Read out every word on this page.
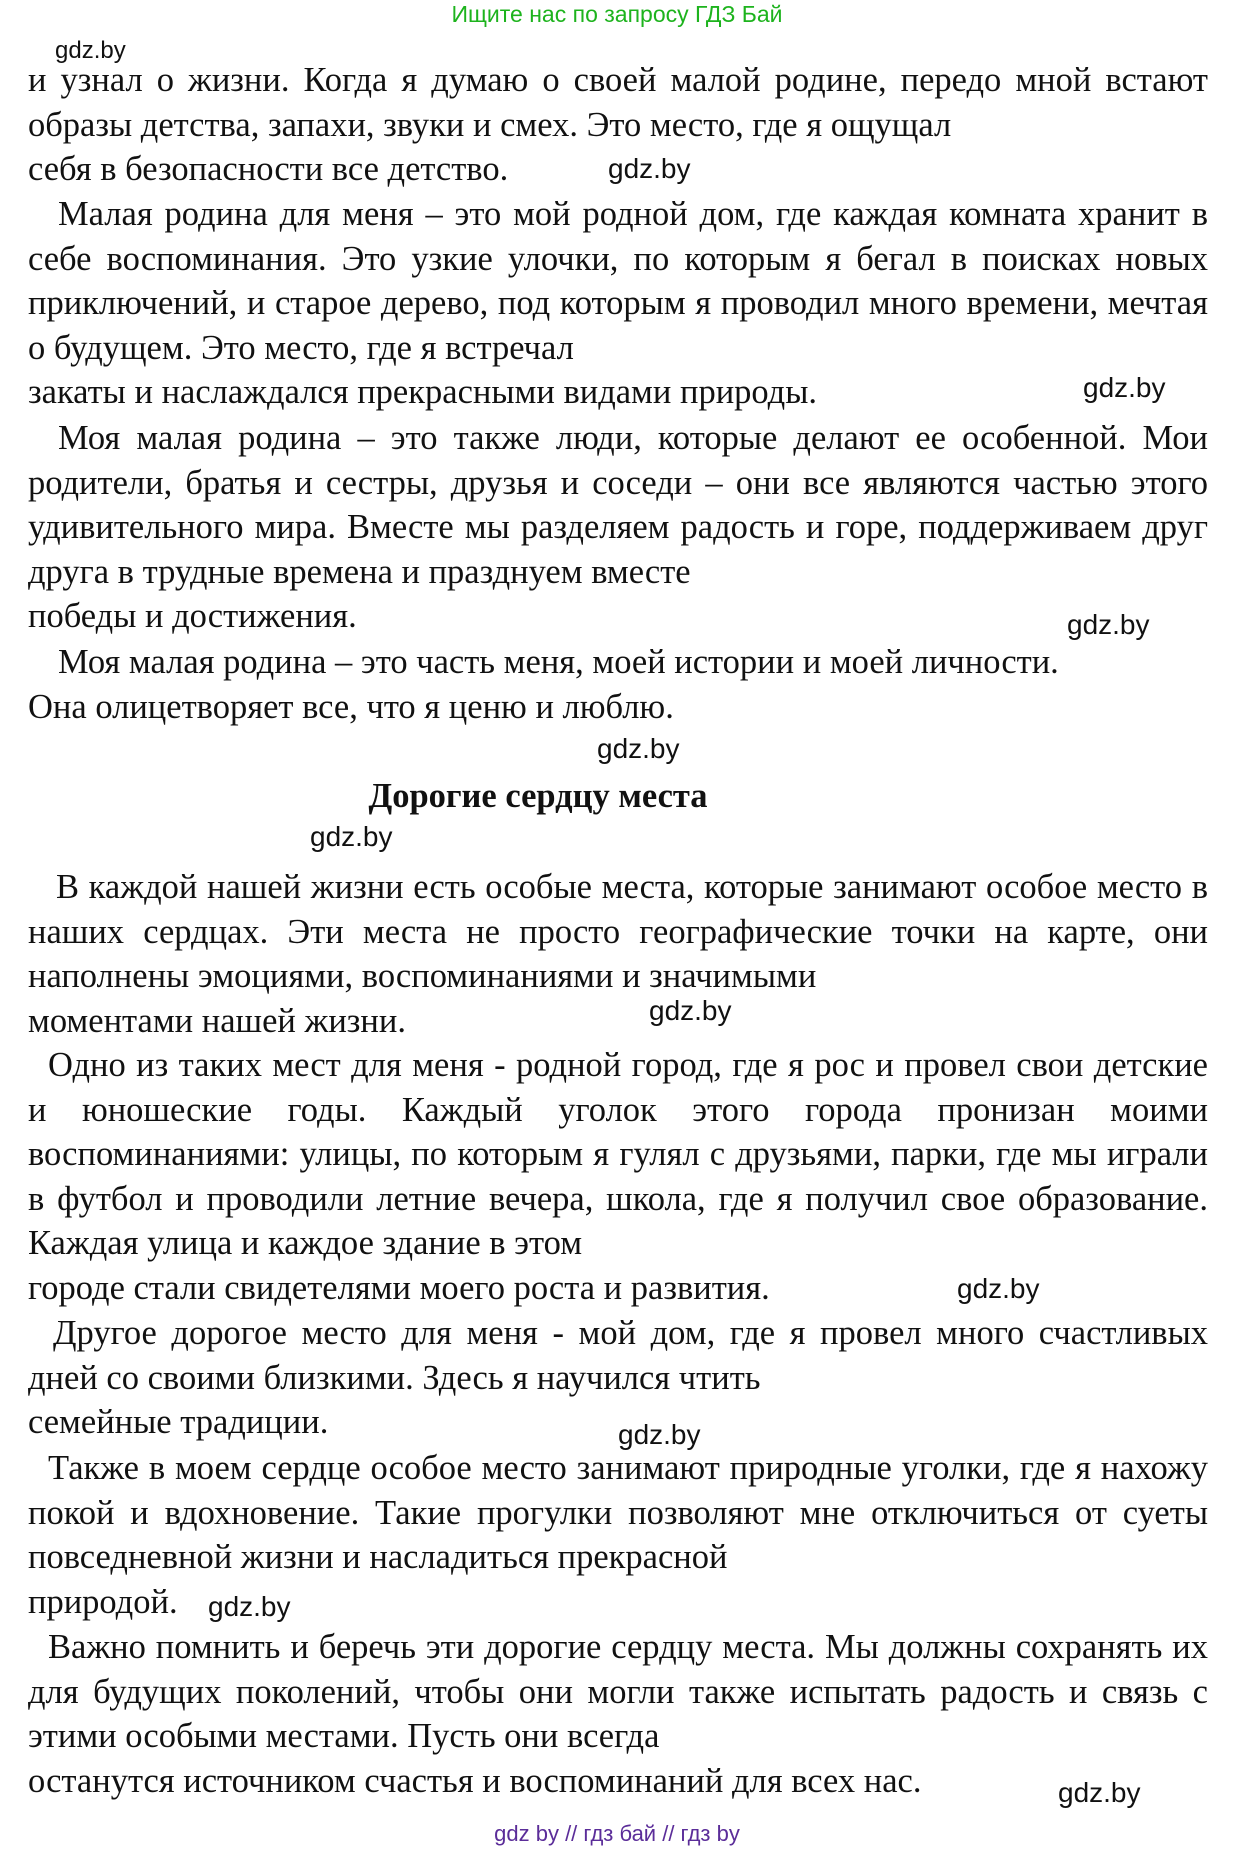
Ищите нас по запросу ГДЗ Бай
gdz.by
и узнал о жизни. Когда я думаю о своей малой родине, передо мной встают образы детства, запахи, звуки и смех. Это место, где я ощущал
себя в безопасности все детство.	gdz.by
Малая родина для меня – это мой родной дом, где каждая комната хранит в себе воспоминания. Это узкие улочки, по которым я бегал в поисках новых приключений, и старое дерево, под которым я проводил много времени, мечтая о будущем. Это место, где я встречал
закаты и наслаждался прекрасными видами природы.	gdz.by
Моя малая родина – это также люди, которые делают ее особенной. Мои родители, братья и сестры, друзья и соседи – они все являются частью этого удивительного мира. Вместе мы разделяем радость и горе, поддерживаем друг друга в трудные времена и празднуем вместе
победы и достижения.	gdz.by
Моя малая родина – это часть меня, моей истории и моей личности.
Она олицетворяет все, что я ценю и люблю.
gdz.by
Дорогие сердцу места
gdz.by
В каждой нашей жизни есть особые места, которые занимают особое место в наших сердцах. Эти места не просто географические точки на карте, они наполнены эмоциями, воспоминаниями и значимыми
моментами нашей жизни.	gdz.by
Одно из таких мест для меня - родной город, где я рос и провел свои детские и юношеские годы. Каждый уголок этого города пронизан моими воспоминаниями: улицы, по которым я гулял с друзьями, парки, где мы играли в футбол и проводили летние вечера, школа, где я получил свое образование. Каждая улица и каждое здание в этом
городе стали свидетелями моего роста и развития.	gdz.by
Другое дорогое место для меня - мой дом, где я провел много счастливых дней со своими близкими. Здесь я научился чтить
семейные традиции.	gdz.by
Также в моем сердце особое место занимают природные уголки, где я нахожу покой и вдохновение. Такие прогулки позволяют мне отключиться от суеты повседневной жизни и насладиться прекрасной
природой.	gdz.by
Важно помнить и беречь эти дорогие сердцу места. Мы должны сохранять их для будущих поколений, чтобы они могли также испытать радость и связь с этими особыми местами. Пусть они всегда
останутся источником счастья и воспоминаний для всех нас.	gdz.by
gdz by // гдз бай // гдз by
